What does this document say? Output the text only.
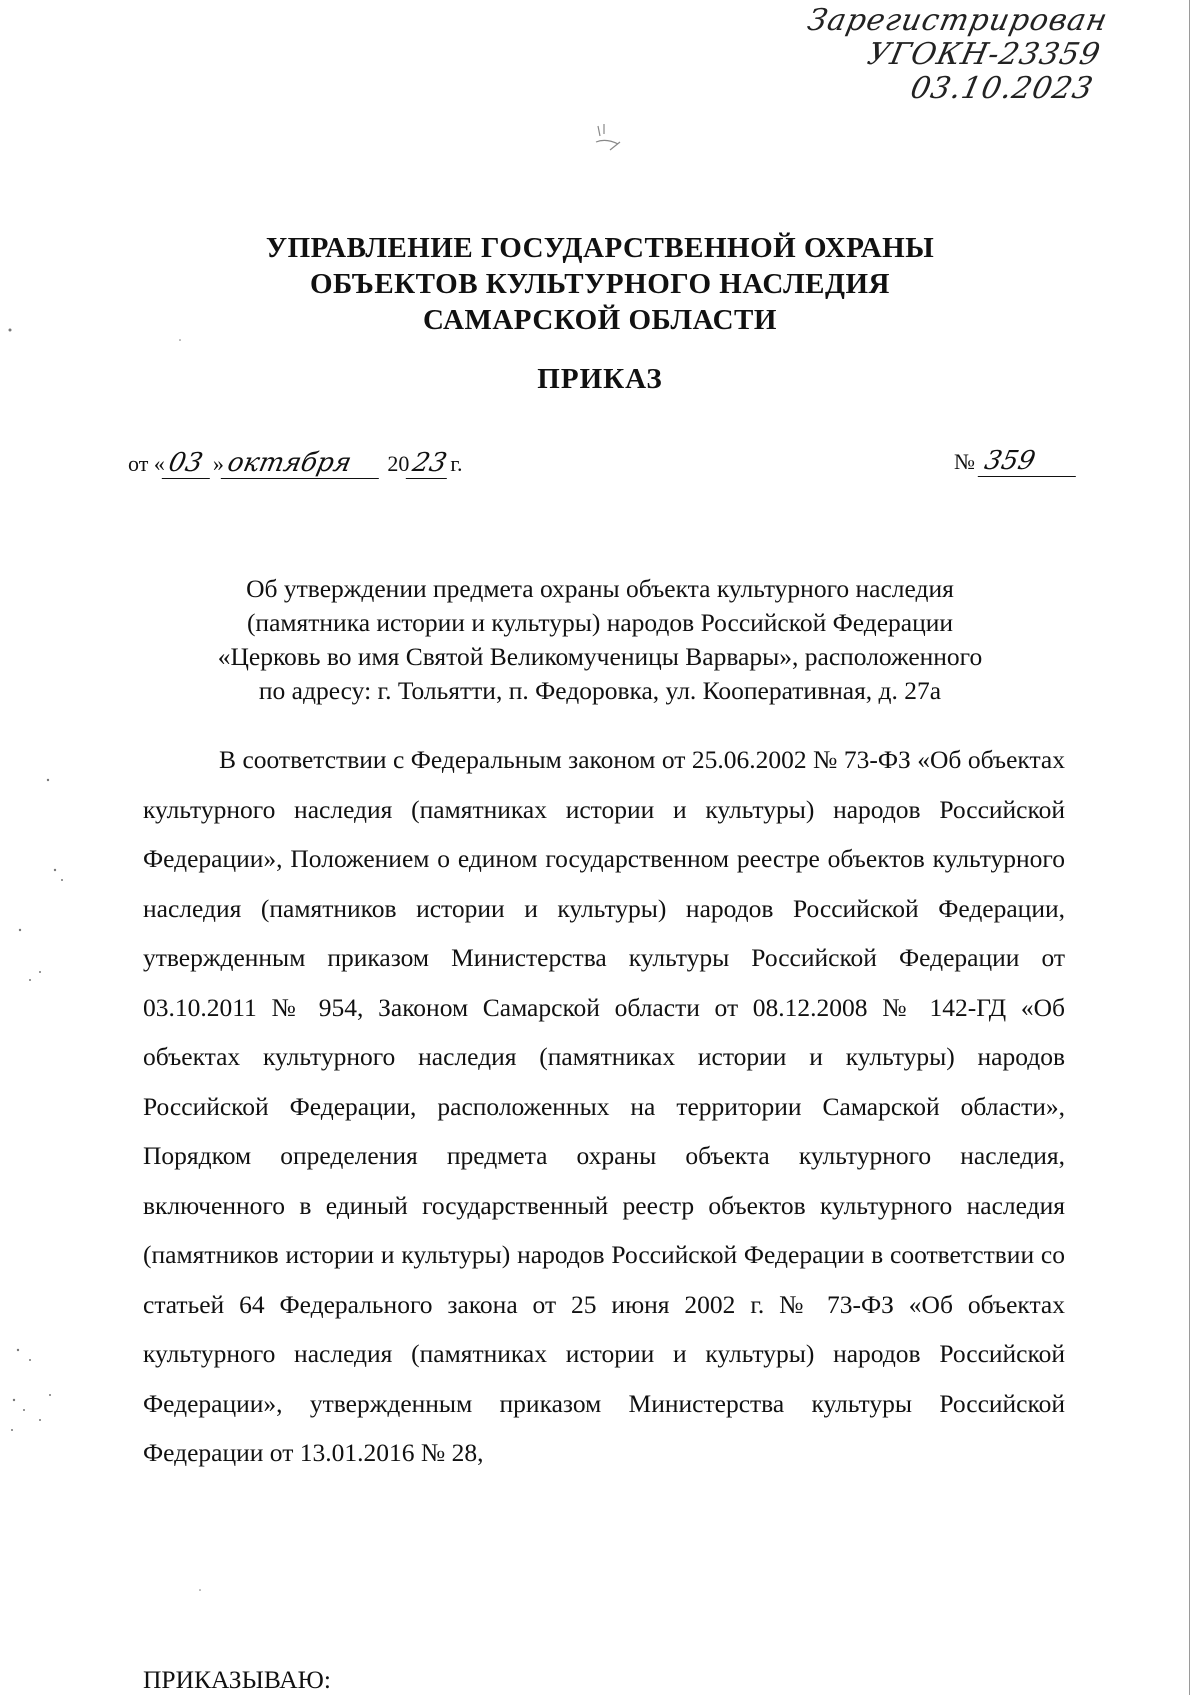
Зарегистрирован
УГОКН-23359
03.10.2023
УПРАВЛЕНИЕ ГОСУДАРСТВЕННОЙ ОХРАНЫ
ОБЪЕКТОВ КУЛЬТУРНОГО НАСЛЕДИЯ
САМАРСКОЙ ОБЛАСТИ
ПРИКАЗ
от «03 »октября 2023г.	№ 359
Об утверждении предмета охраны объекта культурного наследия
(памятника истории и культуры) народов Российской Федерации
«Церковь во имя Святой Великомученицы Варвары», расположенного
по адресу: г. Тольятти, п. Федоровка, ул. Кооперативная, д. 27а
В соответствии с Федеральным законом от 25.06.2002 № 73-ФЗ «Об объектах культурного наследия (памятниках истории и культуры) народов Российской Федерации», Положением о едином государственном реестре объектов культурного наследия (памятников истории и культуры) народов Российской Федерации, утвержденным приказом Министерства культуры Российской Федерации от 03.10.2011 № 954, Законом Самарской области от 08.12.2008 № 142-ГД «Об объектах культурного наследия (памятниках истории и культуры) народов Российской Федерации, расположенных на территории Самарской области», Порядком определения предмета охраны объекта культурного наследия, включенного в единый государственный реестр объектов культурного наследия (памятников истории и культуры) народов Российской Федерации в соответствии со статьей 64 Федерального закона от 25 июня 2002 г. № 73-ФЗ «Об объектах культурного наследия (памятниках истории и культуры) народов Российской Федерации», утвержденным приказом Министерства культуры Российской Федерации от 13.01.2016 № 28,
ПРИКАЗЫВАЮ:
